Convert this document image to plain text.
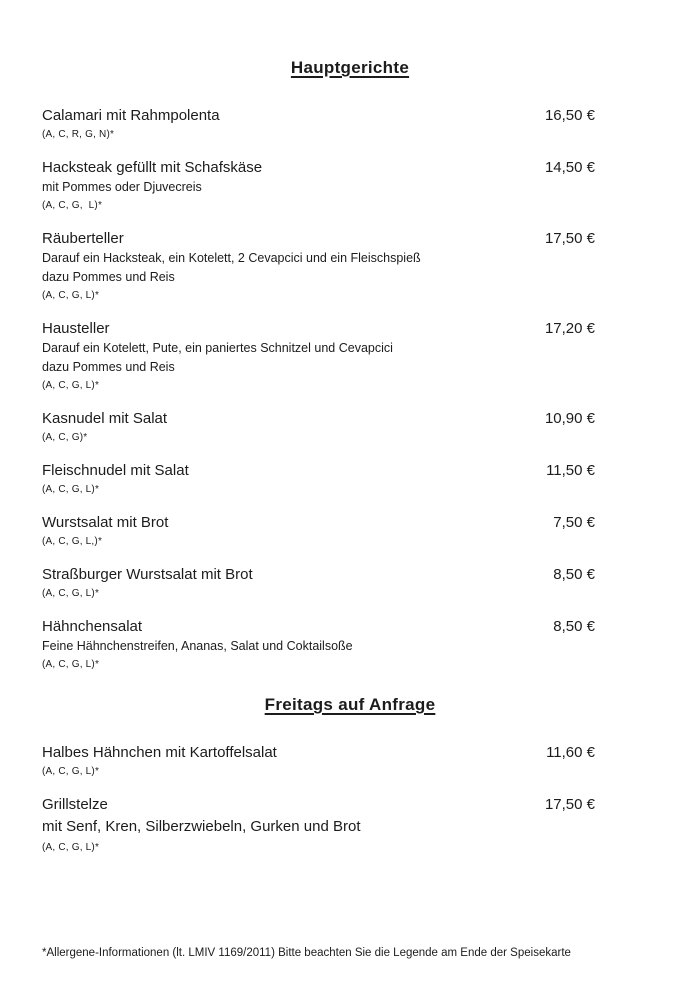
Hauptgerichte
Calamari mit Rahmpolenta	16,50 €
(A, C, R, G, N)*
Hacksteak gefüllt mit Schafskäse	14,50 €
mit Pommes oder Djuvecreis
(A, C, G,  L)*
Räuberteller	17,50 €
Darauf ein Hacksteak, ein Kotelett, 2 Cevapcici und ein Fleischspieß
dazu Pommes und Reis
(A, C, G, L)*
Hausteller	17,20 €
Darauf ein Kotelett, Pute, ein paniertes Schnitzel und Cevapcici
dazu Pommes und Reis
(A, C, G, L)*
Kasnudel mit Salat	10,90 €
(A, C, G)*
Fleischnudel mit Salat	11,50 €
(A, C, G, L)*
Wurstsalat mit Brot	7,50 €
(A, C, G, L,)*
Straßburger Wurstsalat mit Brot	8,50 €
(A, C, G, L)*
Hähnchensalat	8,50 €
Feine Hähnchenstreifen, Ananas, Salat und Coktailsoße
(A, C, G, L)*
Freitags auf Anfrage
Halbes Hähnchen mit Kartoffelsalat	11,60 €
(A, C, G, L)*
Grillstelze	17,50 €
mit Senf, Kren, Silberzwiebeln, Gurken und Brot
(A, C, G, L)*
*Allergene-Informationen (lt. LMIV 1169/2011) Bitte beachten Sie die Legende am Ende der Speisekarte
